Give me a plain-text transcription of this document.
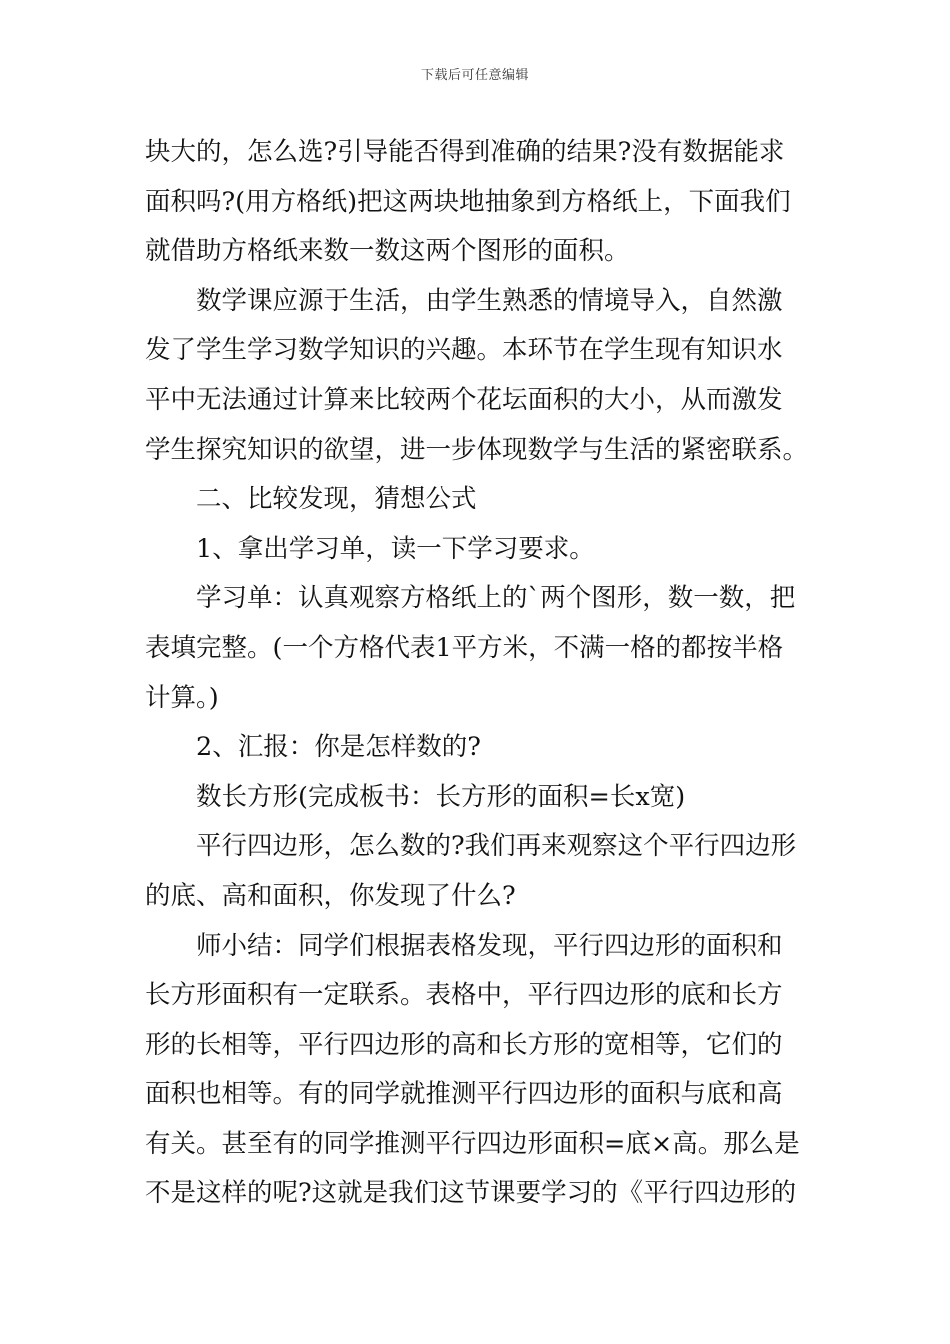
下载后可任意编辑
块大的，怎么选?引导能否得到准确的结果?没有数据能求
面积吗?(用方格纸)把这两块地抽象到方格纸上，下面我们
就借助方格纸来数一数这两个图形的面积。
　　数学课应源于生活，由学生熟悉的情境导入，自然激
发了学生学习数学知识的兴趣。本环节在学生现有知识水
平中无法通过计算来比较两个花坛面积的大小，从而激发
学生探究知识的欲望，进一步体现数学与生活的紧密联系。
　　二、比较发现，猜想公式
　　1、拿出学习单，读一下学习要求。
　　学习单：认真观察方格纸上的`两个图形，数一数，把
表填完整。(一个方格代表1平方米，不满一格的都按半格
计算。)
　　2、汇报：你是怎样数的?
　　数长方形(完成板书：长方形的面积=长x宽)
　　平行四边形，怎么数的?我们再来观察这个平行四边形
的底、高和面积，你发现了什么?
　　师小结：同学们根据表格发现，平行四边形的面积和
长方形面积有一定联系。表格中，平行四边形的底和长方
形的长相等，平行四边形的高和长方形的宽相等，它们的
面积也相等。有的同学就推测平行四边形的面积与底和高
有关。甚至有的同学推测平行四边形面积=底×高。那么是
不是这样的呢?这就是我们这节课要学习的《平行四边形的
